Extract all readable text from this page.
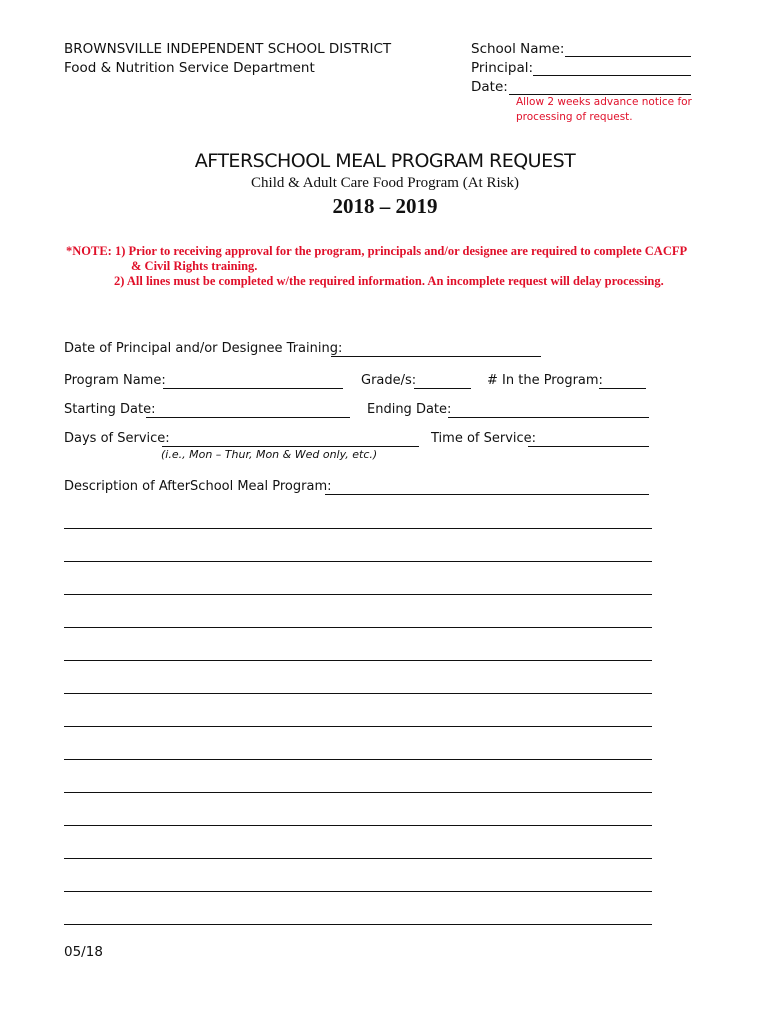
BROWNSVILLE INDEPENDENT SCHOOL DISTRICT
Food & Nutrition Service Department
School Name:
Principal:
Date:
Allow 2 weeks advance notice for
processing of request.
AFTERSCHOOL MEAL PROGRAM REQUEST
Child & Adult Care Food Program (At Risk)
2018 – 2019
*NOTE: 1) Prior to receiving approval for the program, principals and/or designee are required to complete CACFP
& Civil Rights training.
2) All lines must be completed w/the required information. An incomplete request will delay processing.
Date of Principal and/or Designee Training:
Program Name:	Grade/s:	# In the Program:
Starting Date:	Ending Date:
Days of Service:	Time of Service:
(i.e., Mon – Thur, Mon & Wed only, etc.)
Description of AfterSchool Meal Program:
05/18
